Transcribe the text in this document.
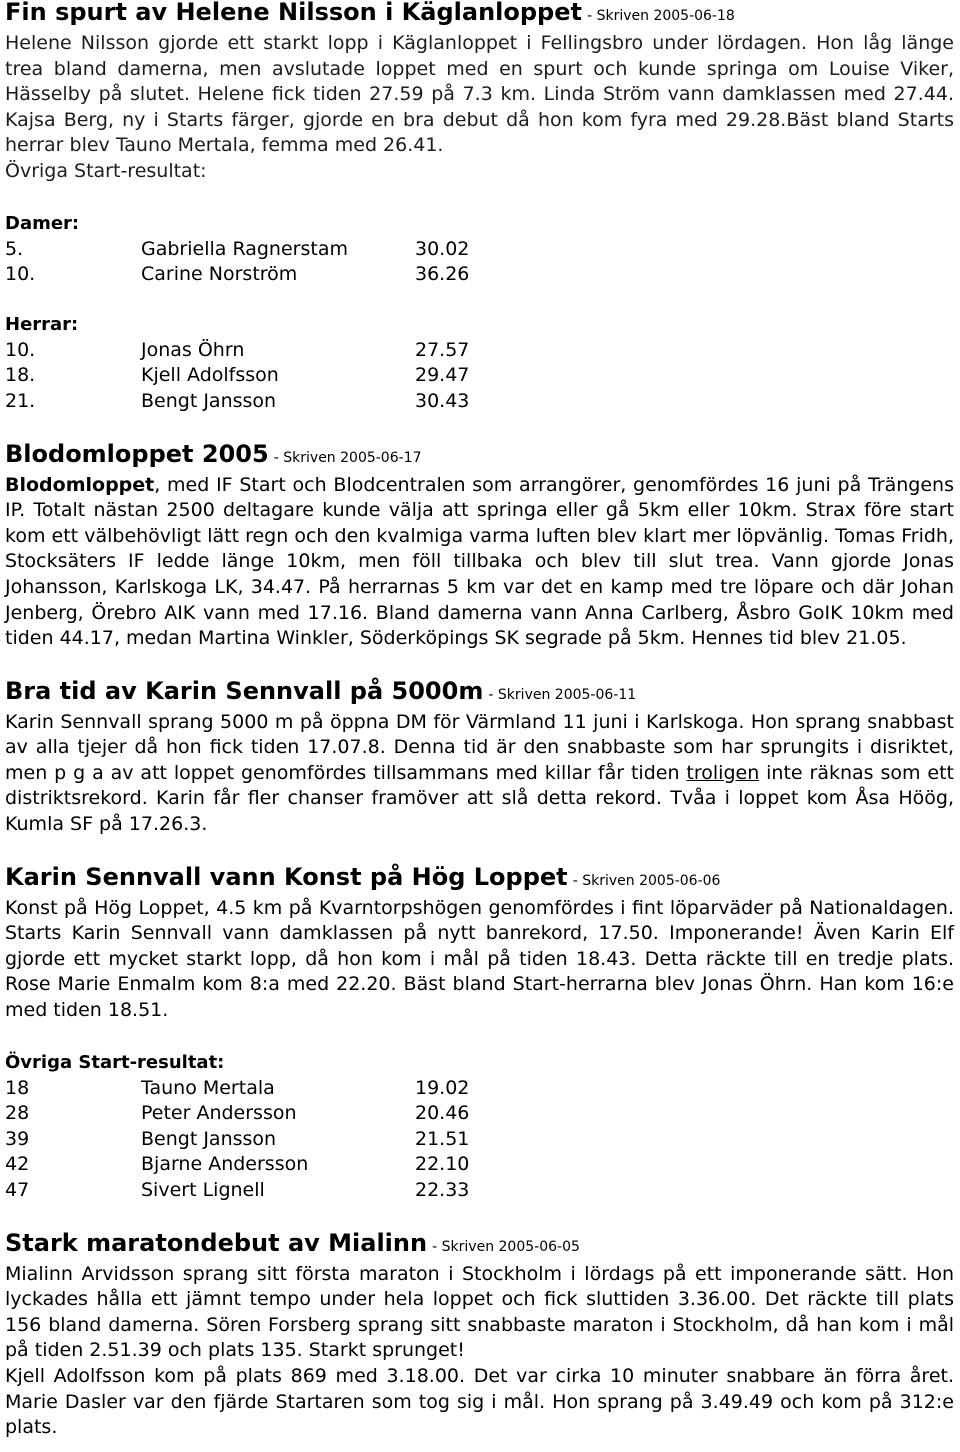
Fin spurt av Helene Nilsson i Käglanloppet - Skriven 2005-06-18

Helene Nilsson gjorde ett starkt lopp i Käglanloppet i Fellingsbro under lördagen. Hon låg länge trea bland damerna, men avslutade loppet med en spurt och kunde springa om Louise Viker, Hässelby på slutet. Helene fick tiden 27.59 på 7.3 km. Linda Ström vann damklassen med 27.44. Kajsa Berg, ny i Starts färger, gjorde en bra debut då hon kom fyra med 29.28.Bäst bland Starts herrar blev Tauno Mertala, femma med 26.41.

Övriga Start-resultat:

Damer:
5.	Gabriella Ragnerstam	30.02
10.	Carine Norström	36.26
Herrar:
10.	Jonas Öhrn	27.57
18.	Kjell Adolfsson	29.47
21.	Bengt Jansson	30.43
Blodomloppet 2005 - Skriven 2005-06-17

Blodomloppet, med IF Start och Blodcentralen som arrangörer, genomfördes 16 juni på Trängens IP. Totalt nästan 2500 deltagare kunde välja att springa eller gå 5km eller 10km. Strax före start kom ett välbehövligt lätt regn och den kvalmiga varma luften blev klart mer löpvänlig. Tomas Fridh, Stocksäters IF ledde länge 10km, men föll tillbaka och blev till slut trea. Vann gjorde Jonas Johansson, Karlskoga LK, 34.47. På herrarnas 5 km var det en kamp med tre löpare och där Johan Jenberg, Örebro AIK vann med 17.16. Bland damerna vann Anna Carlberg, Åsbro GoIK 10km med tiden 44.17, medan Martina Winkler, Söderköpings SK segrade på 5km. Hennes tid blev 21.05.

Bra tid av Karin Sennvall på 5000m - Skriven 2005-06-11

Karin Sennvall sprang 5000 m på öppna DM för Värmland 11 juni i Karlskoga. Hon sprang snabbast av alla tjejer då hon fick tiden 17.07.8. Denna tid är den snabbaste som har sprungits i disriktet, men p g a av att loppet genomfördes tillsammans med killar får tiden troligen inte räknas som ett distriktsrekord. Karin får fler chanser framöver att slå detta rekord. Tvåa i loppet kom Åsa Höög, Kumla SF på 17.26.3.

Karin Sennvall vann Konst på Hög Loppet - Skriven 2005-06-06

Konst på Hög Loppet, 4.5 km på Kvarntorpshögen genomfördes i fint löparväder på Nationaldagen. Starts Karin Sennvall vann damklassen på nytt banrekord, 17.50. Imponerande! Även Karin Elf gjorde ett mycket starkt lopp, då hon kom i mål på tiden 18.43. Detta räckte till en tredje plats. Rose Marie Enmalm kom 8:a med 22.20. Bäst bland Start-herrarna blev Jonas Öhrn. Han kom 16:e med tiden 18.51.

Övriga Start-resultat:
18	Tauno Mertala	19.02
28	Peter Andersson	20.46
39	Bengt Jansson	21.51
42	Bjarne Andersson	22.10
47	Sivert Lignell	22.33
Stark maratondebut av Mialinn - Skriven 2005-06-05

Mialinn Arvidsson sprang sitt första maraton i Stockholm i lördags på ett imponerande sätt. Hon lyckades hålla ett jämnt tempo under hela loppet och fick sluttiden 3.36.00. Det räckte till plats 156 bland damerna. Sören Forsberg sprang sitt snabbaste maraton i Stockholm, då han kom i mål på tiden 2.51.39 och plats 135. Starkt sprunget!

Kjell Adolfsson kom på plats 869 med 3.18.00. Det var cirka 10 minuter snabbare än förra året. Marie Dasler var den fjärde Startaren som tog sig i mål. Hon sprang på 3.49.49 och kom på 312:e plats.
